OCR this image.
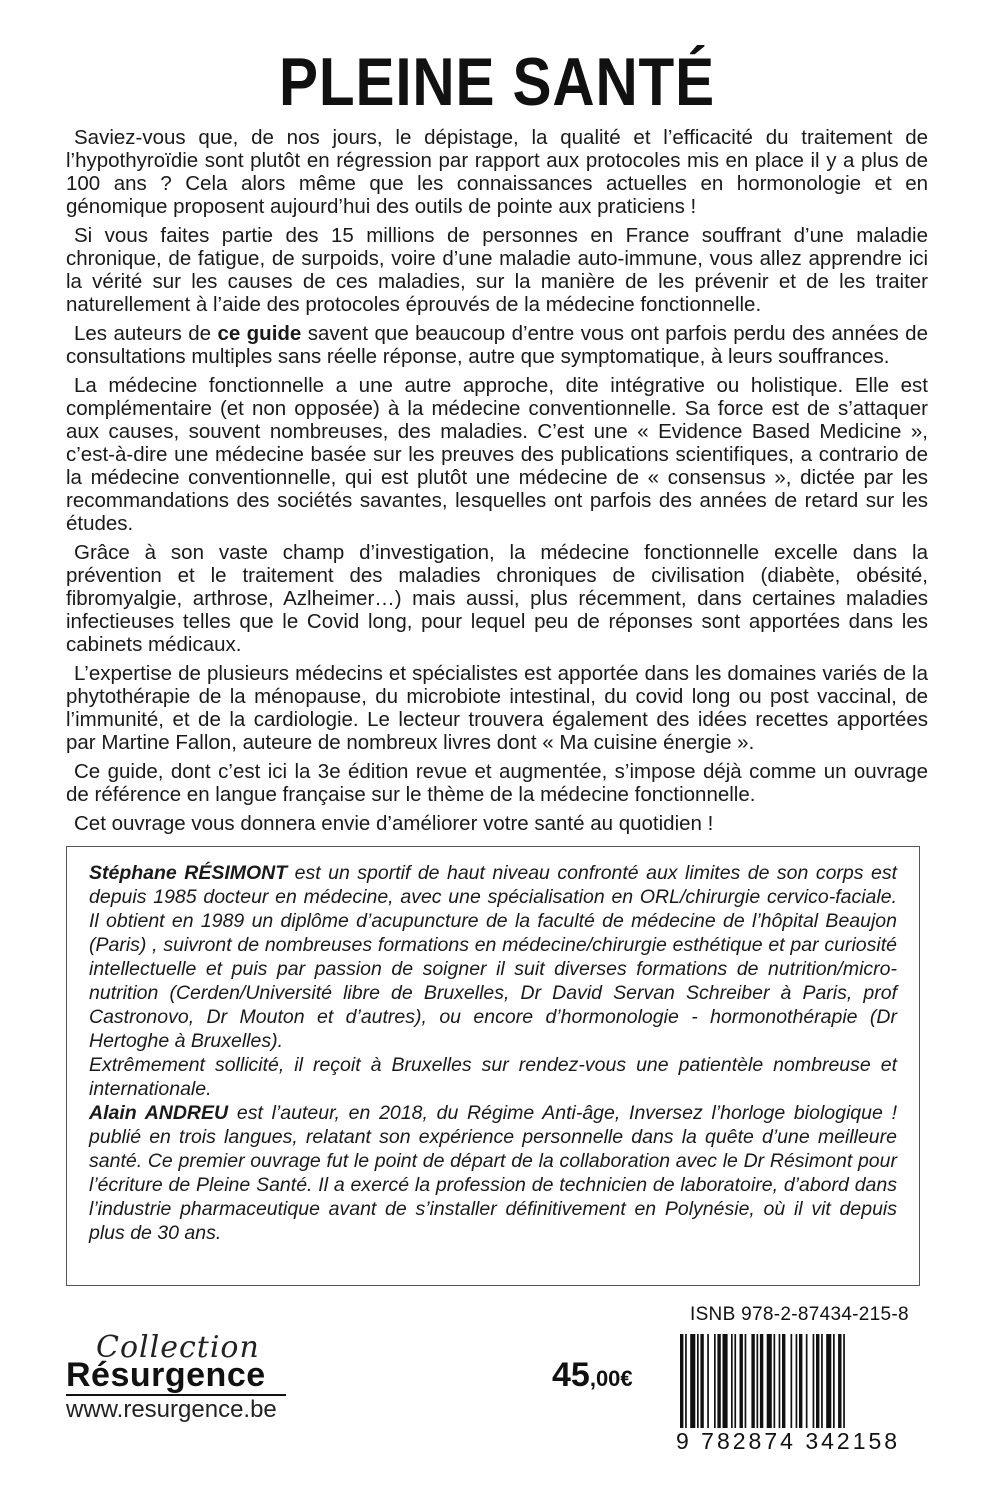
PLEINE SANTÉ

Saviez-vous que, de nos jours, le dépistage, la qualité et l’efficacité du traitement de l’hypothyroïdie sont plutôt en régression par rapport aux protocoles mis en place il y a plus de 100 ans ? Cela alors même que les connaissances actuelles en hormonologie et en génomique proposent aujourd’hui des outils de pointe aux praticiens !

Si vous faites partie des 15 millions de personnes en France souffrant d’une maladie chronique, de fatigue, de surpoids, voire d’une maladie auto-immune, vous allez apprendre ici la vérité sur les causes de ces maladies, sur la manière de les prévenir et de les traiter naturellement à l’aide des protocoles éprouvés de la médecine fonctionnelle.

Les auteurs de ce guide savent que beaucoup d’entre vous ont parfois perdu des années de consultations multiples sans réelle réponse, autre que symptomatique, à leurs souffrances.

La médecine fonctionnelle a une autre approche, dite intégrative ou holistique. Elle est complémentaire (et non opposée) à la médecine conventionnelle. Sa force est de s’attaquer aux causes, souvent nombreuses, des maladies. C’est une « Evidence Based Medicine », c’est-à-dire une médecine basée sur les preuves des publications scientifiques, a contrario de la médecine conventionnelle, qui est plutôt une médecine de « consensus », dictée par les recommandations des sociétés savantes, lesquelles ont parfois des années de retard sur les études.

Grâce à son vaste champ d’investigation, la médecine fonctionnelle excelle dans la prévention et le traitement des maladies chroniques de civilisation (diabète, obésité, fibromyalgie, arthrose, Azlheimer…) mais aussi, plus récemment, dans certaines maladies infectieuses telles que le Covid long, pour lequel peu de réponses sont apportées dans les cabinets médicaux.

L’expertise de plusieurs médecins et spécialistes est apportée dans les domaines variés de la phytothérapie de la ménopause, du microbiote intestinal, du covid long ou post vaccinal, de l’immunité, et de la cardiologie. Le lecteur trouvera également des idées recettes apportées par Martine Fallon, auteure de nombreux livres dont « Ma cuisine énergie ».

Ce guide, dont c’est ici la 3e édition revue et augmentée, s’impose déjà comme un ouvrage de référence en langue française sur le thème de la médecine fonctionnelle.

Cet ouvrage vous donnera envie d’améliorer votre santé au quotidien !

Stéphane RÉSIMONT est un sportif de haut niveau confronté aux limites de son corps est depuis 1985 docteur en médecine, avec une spécialisation en ORL/chirurgie cervico-faciale. Il obtient en 1989 un diplôme d’acupuncture de la faculté de médecine de l’hôpital Beaujon (Paris) , suivront de nombreuses formations en médecine/chirurgie esthétique et par curiosité intellectuelle et puis par passion de soigner il suit diverses formations de nutrition/micro-nutrition (Cerden/Université libre de Bruxelles, Dr David Servan Schreiber à Paris, prof Castronovo, Dr Mouton et d’autres), ou encore d’hormonologie - hormonothérapie (Dr Hertoghe à Bruxelles).

Extrêmement sollicité, il reçoit à Bruxelles sur rendez-vous une patientèle nombreuse et internationale.

Alain ANDREU est l’auteur, en 2018, du Régime Anti-âge, Inversez l’horloge biologique ! publié en trois langues, relatant son expérience personnelle dans la quête d’une meilleure santé. Ce premier ouvrage fut le point de départ de la collaboration avec le Dr Résimont pour l’écriture de Pleine Santé. Il a exercé la profession de technicien de laboratoire, d’abord dans l’industrie pharmaceutique avant de s’installer définitivement en Polynésie, où il vit depuis plus de 30 ans.

Collection
Résurgence
www.resurgence.be
45,00€
ISNB 978-2-87434-215-8
9 782874 342158
